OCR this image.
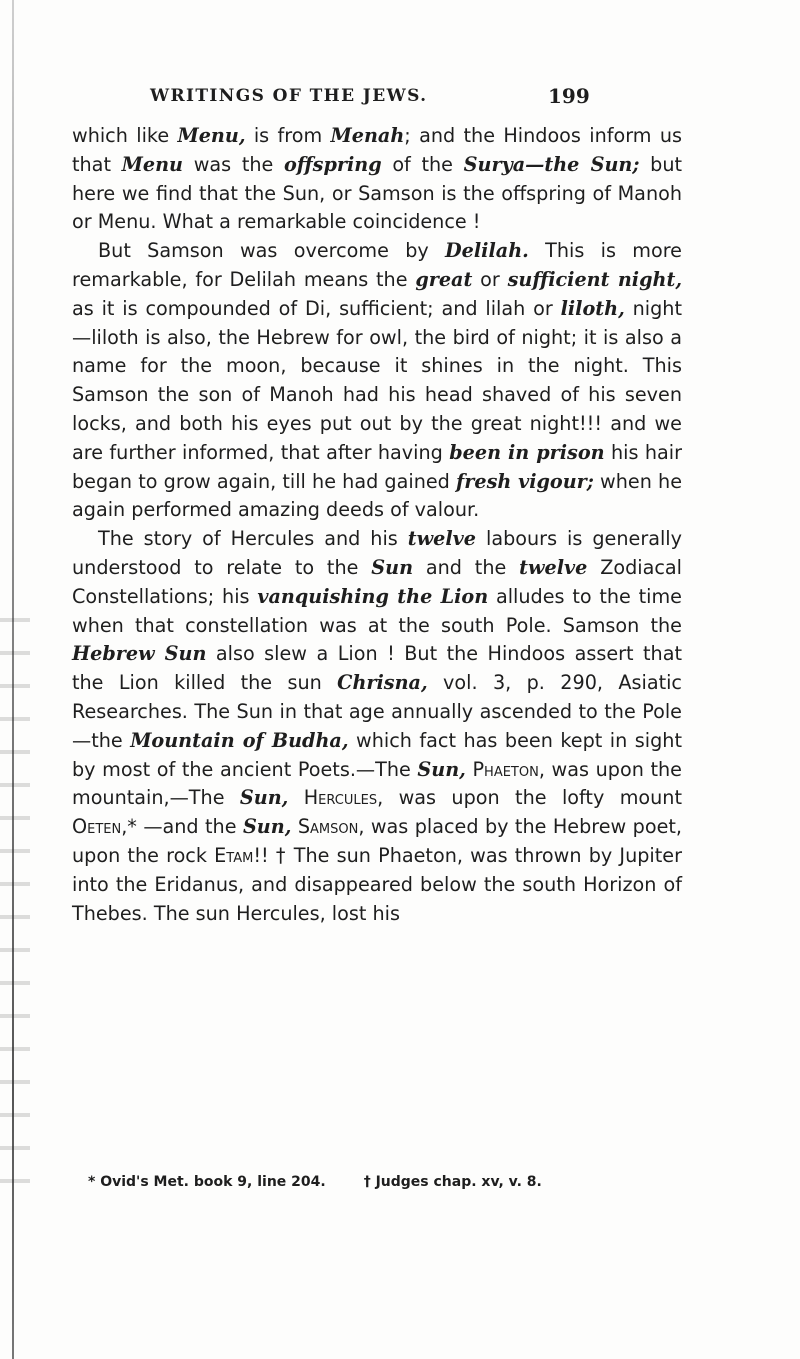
WRITINGS OF THE JEWS.	199

which like Menu, is from Menah; and the Hindoos inform us that Menu was the offspring of the Surya—the Sun; but here we find that the Sun, or Samson is the offspring of Manoh or Menu. What a remarkable coincidence !

But Samson was overcome by Delilah. This is more remarkable, for Delilah means the great or sufficient night, as it is compounded of Di, sufficient; and lilah or liloth, night—liloth is also, the Hebrew for owl, the bird of night; it is also a name for the moon, because it shines in the night. This Samson the son of Manoh had his head shaved of his seven locks, and both his eyes put out by the great night!!! and we are further informed, that after having been in prison his hair began to grow again, till he had gained fresh vigour; when he again performed amazing deeds of valour.

The story of Hercules and his twelve labours is generally understood to relate to the Sun and the twelve Zodiacal Constellations; his vanquishing the Lion alludes to the time when that constellation was at the south Pole. Samson the Hebrew Sun also slew a Lion ! But the Hindoos assert that the Lion killed the sun Chrisna, vol. 3, p. 290, Asiatic Researches. The Sun in that age annually ascended to the Pole—the Mountain of Budha, which fact has been kept in sight by most of the ancient Poets.—The Sun, Phaeton, was upon the mountain,—The Sun, Hercules, was upon the lofty mount Oeten,* —and the Sun, Samson, was placed by the Hebrew poet, upon the rock Etam!! † The sun Phaeton, was thrown by Jupiter into the Eridanus, and disappeared below the south Horizon of Thebes. The sun Hercules, lost his

* Ovid's Met. book 9, line 204.	† Judges chap. xv, v. 8.
